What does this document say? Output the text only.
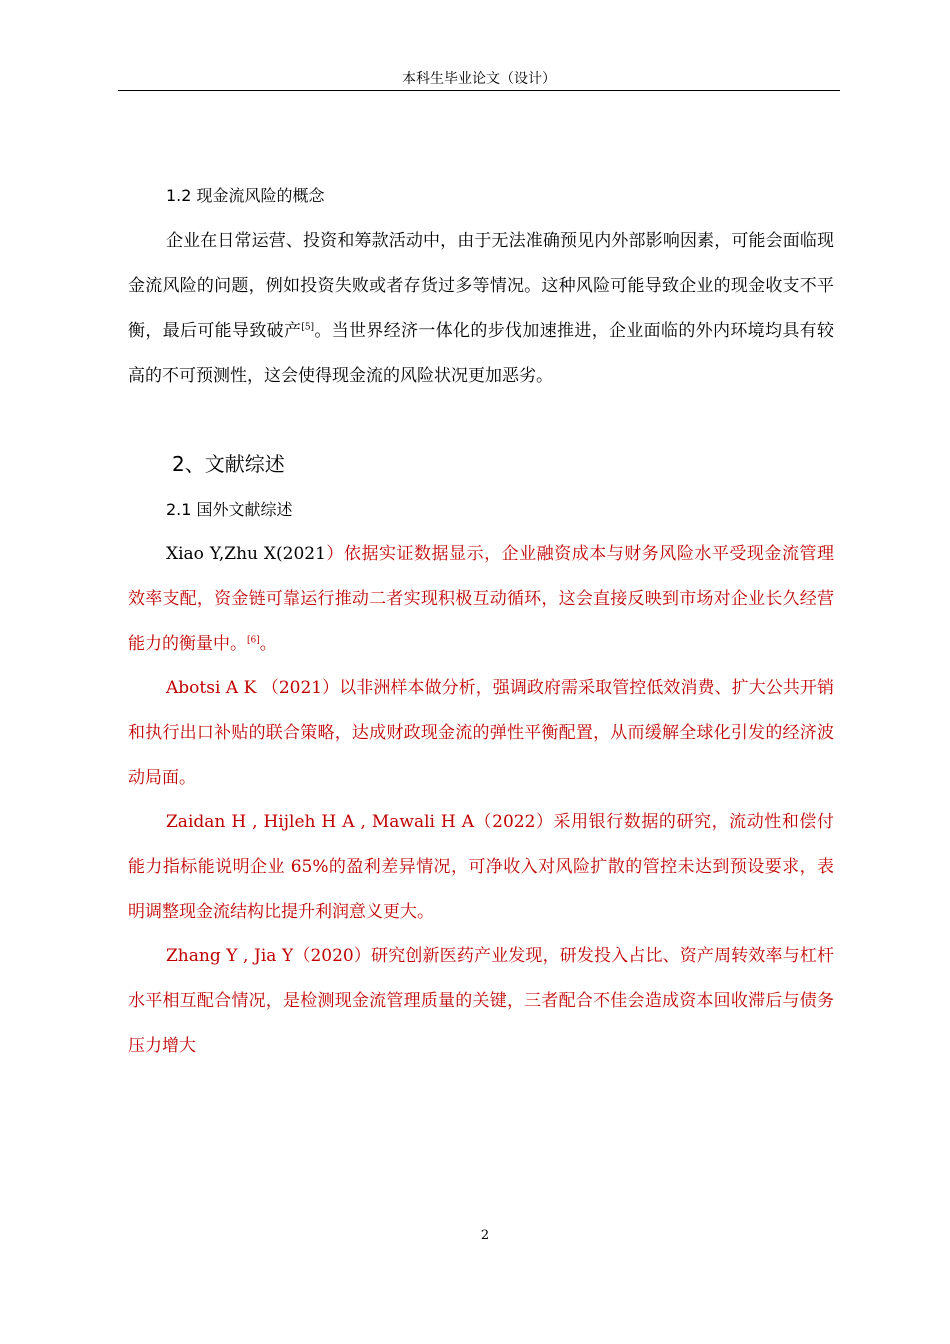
本科生毕业论文（设计）
1.2 现金流风险的概念

企业在日常运营、投资和筹款活动中，由于无法准确预见内外部影响因素，可能会面临现金流风险的问题，例如投资失败或者存货过多等情况。这种风险可能导致企业的现金收支不平衡，最后可能导致破产[5]。当世界经济一体化的步伐加速推进，企业面临的外内环境均具有较高的不可预测性，这会使得现金流的风险状况更加恶劣。

2、文献综述
2.1 国外文献综述

Xiao Y,Zhu X(2021）依据实证数据显示，企业融资成本与财务风险水平受现金流管理效率支配，资金链可靠运行推动二者实现积极互动循环，这会直接反映到市场对企业长久经营能力的衡量中。[6]。

Abotsi A K （2021）以非洲样本做分析，强调政府需采取管控低效消费、扩大公共开销和执行出口补贴的联合策略，达成财政现金流的弹性平衡配置，从而缓解全球化引发的经济波动局面。

Zaidan H , Hijleh H A , Mawali H A（2022）采用银行数据的研究，流动性和偿付能力指标能说明企业 65%的盈利差异情况，可净收入对风险扩散的管控未达到预设要求，表明调整现金流结构比提升利润意义更大。

Zhang Y , Jia Y（2020）研究创新医药产业发现，研发投入占比、资产周转效率与杠杆水平相互配合情况，是检测现金流管理质量的关键，三者配合不佳会造成资本回收滞后与债务压力增大

2
